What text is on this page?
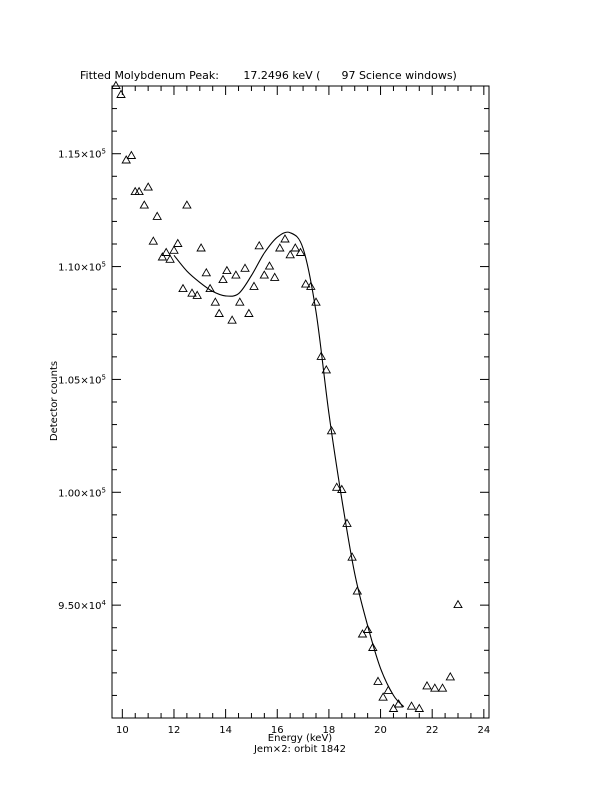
Fitted Molybdenum Peak:       17.2496 keV (      97 Science windows)
10	12	14	16	18	20	22	24
$9.50\times 10^4$
$1.00\times 10^5$
$1.05\times 10^5$
$1.10\times 10^5$
$1.15\times 10^5$
Energy (keV)
Jem×2: orbit 1842
Detector counts
